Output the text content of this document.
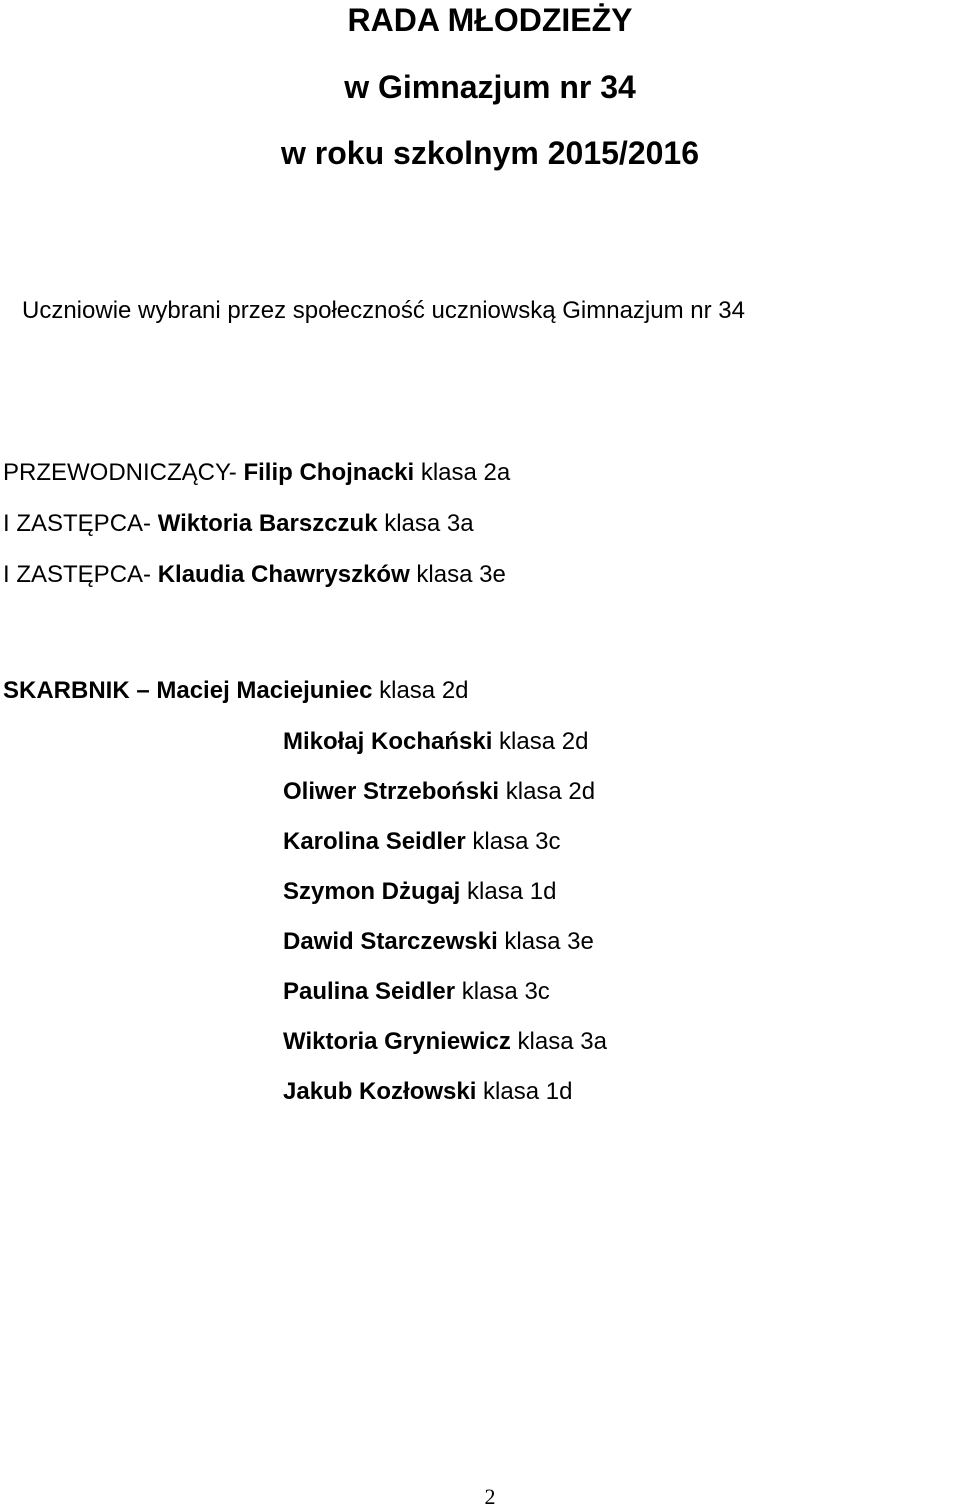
RADA MŁODZIEŻY
w Gimnazjum nr 34
w roku szkolnym 2015/2016
Uczniowie wybrani przez społeczność uczniowską Gimnazjum nr 34
PRZEWODNICZĄCY- Filip Chojnacki klasa 2a
I ZASTĘPCA- Wiktoria Barszczuk klasa 3a
I ZASTĘPCA- Klaudia Chawryszków klasa 3e
SKARBNIK – Maciej Maciejuniec klasa 2d
Mikołaj Kochański klasa 2d
Oliwer Strzeboński klasa 2d
Karolina Seidler klasa 3c
Szymon Dżugaj klasa 1d
Dawid Starczewski klasa 3e
Paulina Seidler klasa 3c
Wiktoria Gryniewicz klasa 3a
Jakub Kozłowski klasa 1d
2
